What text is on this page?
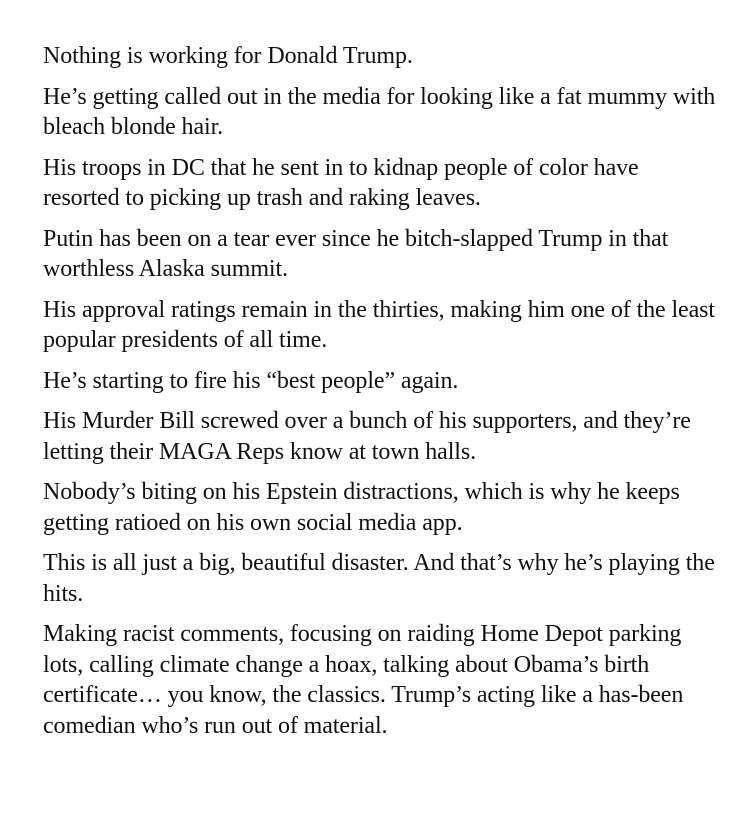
Nothing is working for Donald Trump.

He’s getting called out in the media for looking like a fat mummy with bleach blonde hair.

His troops in DC that he sent in to kidnap people of color have resorted to picking up trash and raking leaves.

Putin has been on a tear ever since he bitch-slapped Trump in that worthless Alaska summit.

His approval ratings remain in the thirties, making him one of the least popular presidents of all time.

He’s starting to fire his “best people” again.

His Murder Bill screwed over a bunch of his supporters, and they’re letting their MAGA Reps know at town halls.

Nobody’s biting on his Epstein distractions, which is why he keeps getting ratioed on his own social media app.

This is all just a big, beautiful disaster. And that’s why he’s playing the hits.

Making racist comments, focusing on raiding Home Depot parking lots, calling climate change a hoax, talking about Obama’s birth certificate… you know, the classics. Trump’s acting like a has-been comedian who’s run out of material.
